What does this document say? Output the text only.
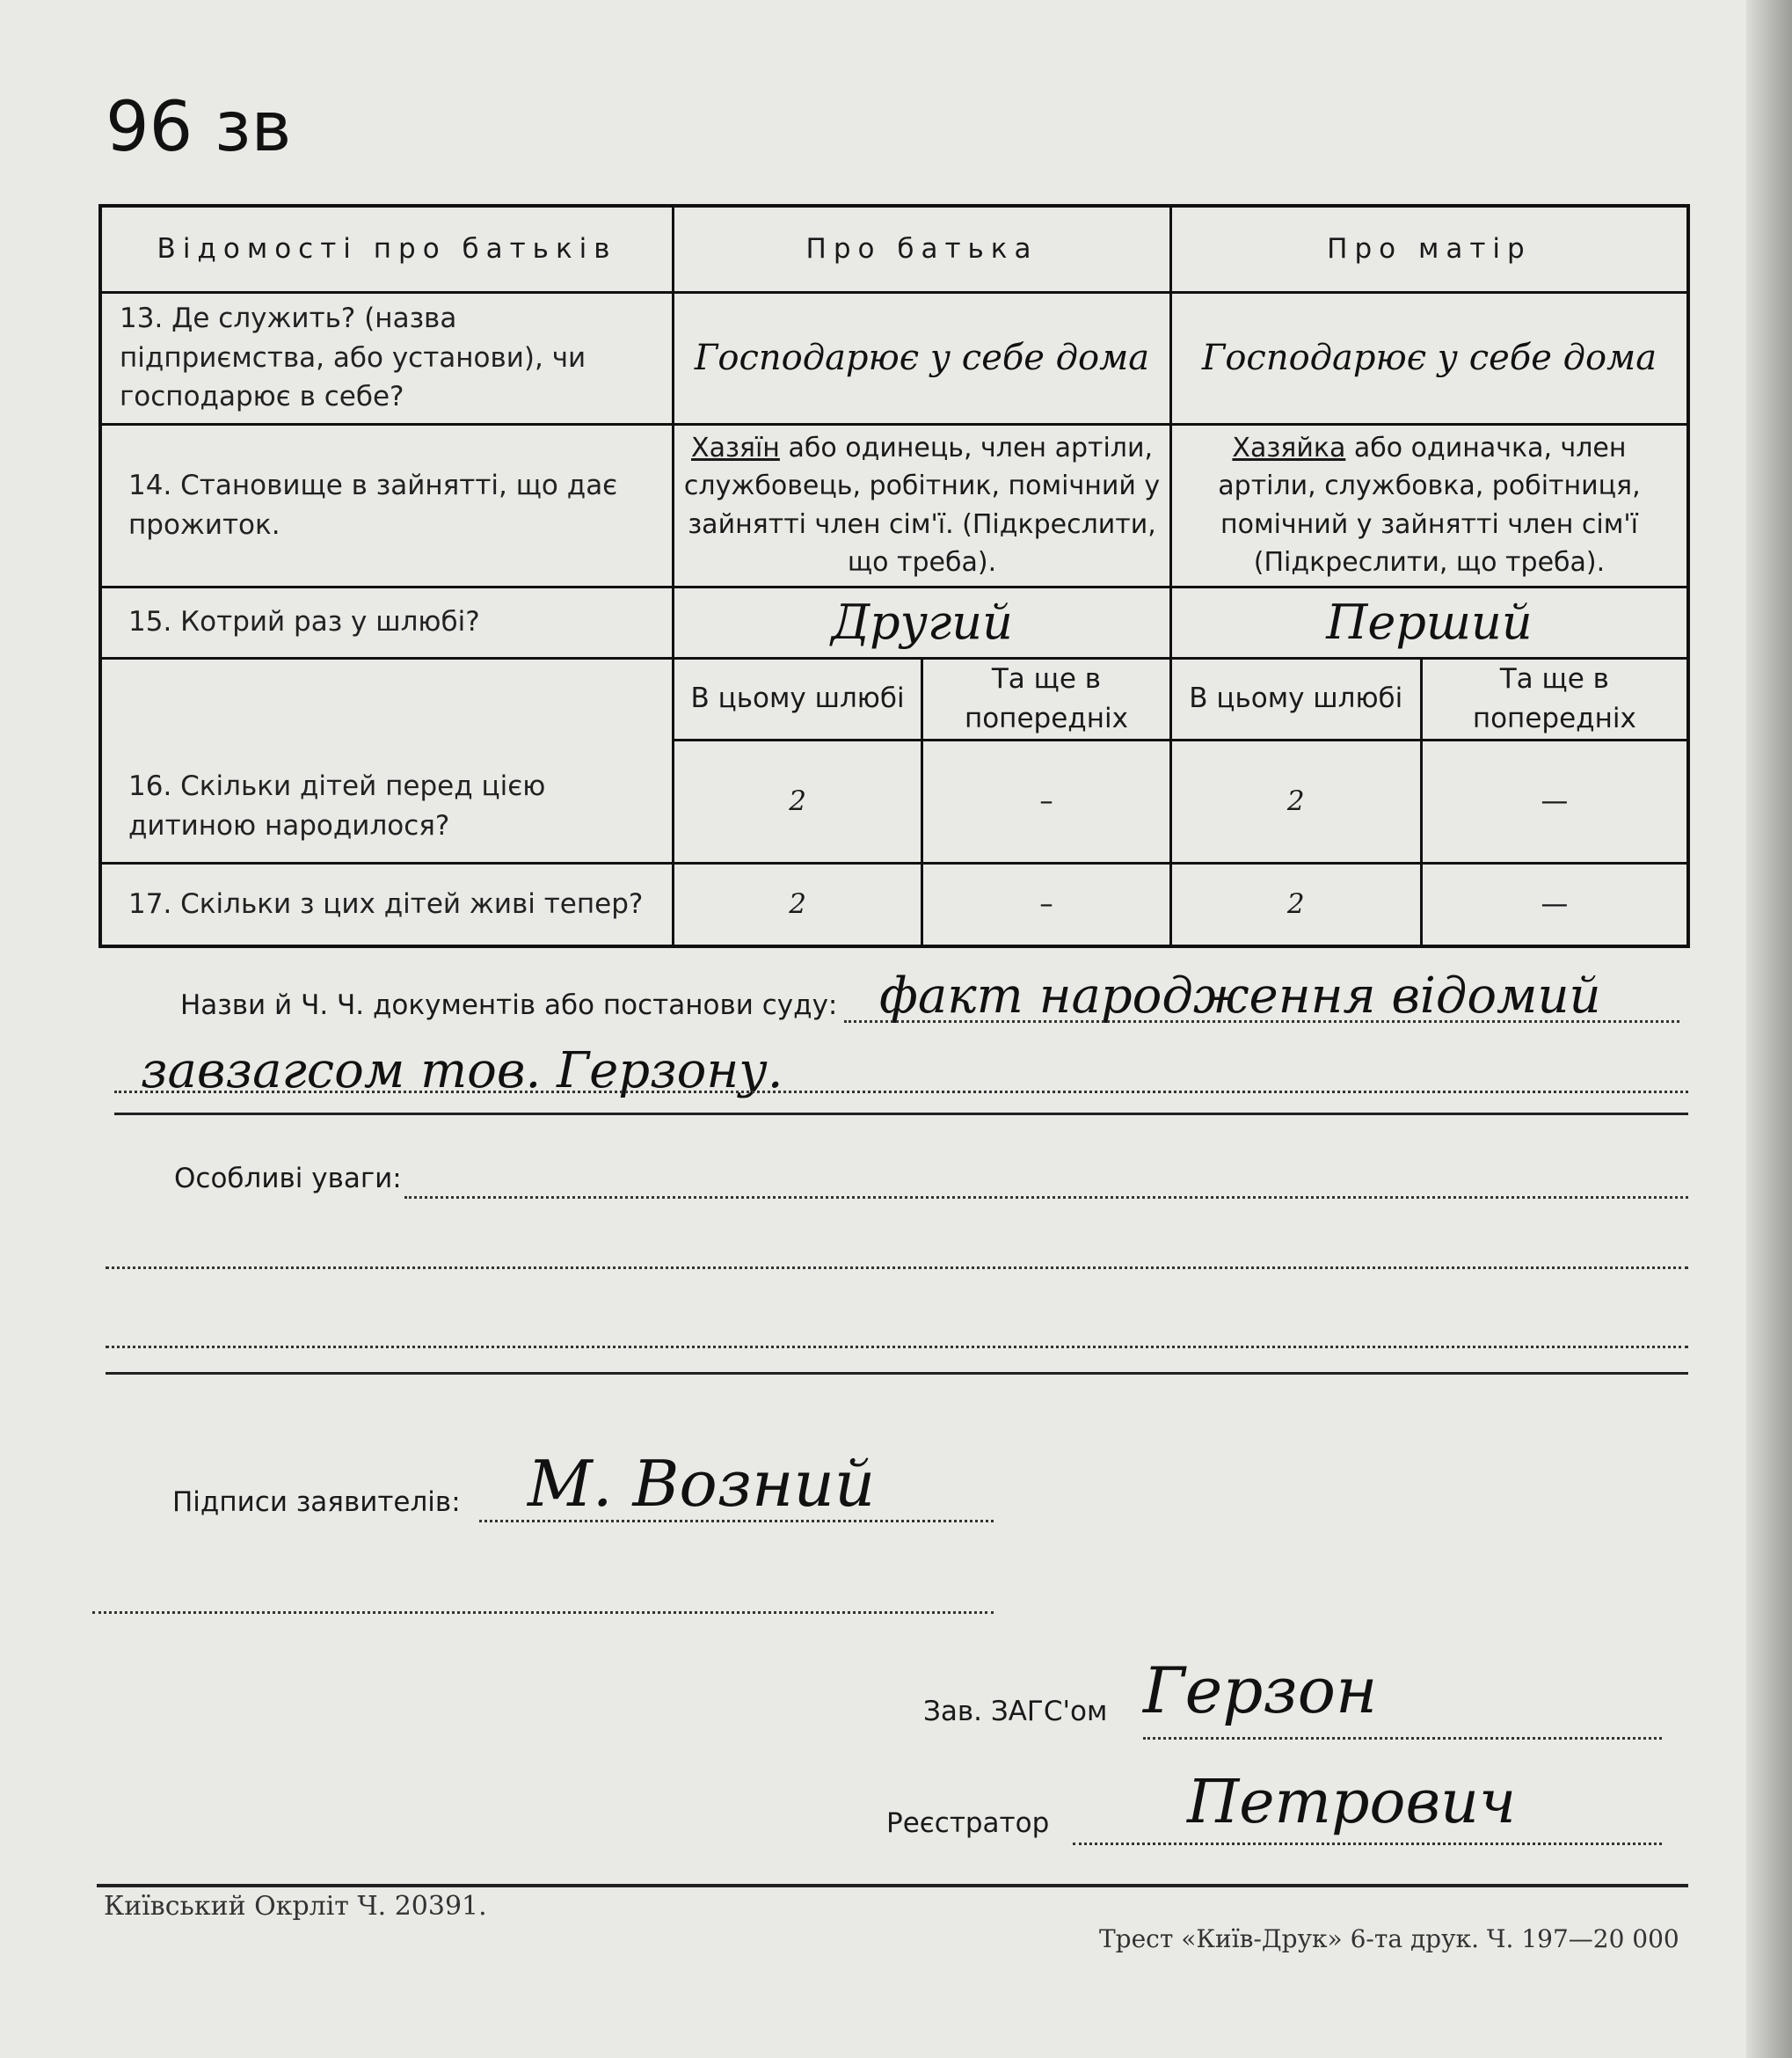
96 зв
Відомості про батьків	Про батька		Про матір	
13. Де служить? (назва підприємства, або установи), чи господарює в себе?	Господарює у себе дома		Господарює у себе дома	
14. Становище в зайнятті, що дає прожиток.	Хазяїн або одинець, член артіли, службовець, робітник, помічний у зайнятті член сім'ї. (Підкреслити, що треба).		Хазяйка або одиначка, член артіли, службовка, робітниця, помічний у зайнятті член сім'ї (Підкреслити, що треба).	
15. Котрий раз у шлюбі?	Другий		Перший	
16. Скільки дітей перед цією дитиною народилося?	В цьому шлюбі	Та ще в попередніх	В цьому шлюбі	Та ще в попередніх
	2	–	2	—
17. Скільки з цих дітей живі тепер?	2	–	2	—
Назви й Ч. Ч. документів або постанови суду: факт народження відомий
завзагсом тов. Герзону.
Особливі уваги:
Підписи заявителів: М. Возний
Зав. ЗАГС'ом Герзон
Реєстратор Петрович
Київський Окрліт Ч. 20391.
Трест «Київ-Друк» 6-та друк. Ч. 197—20 000
